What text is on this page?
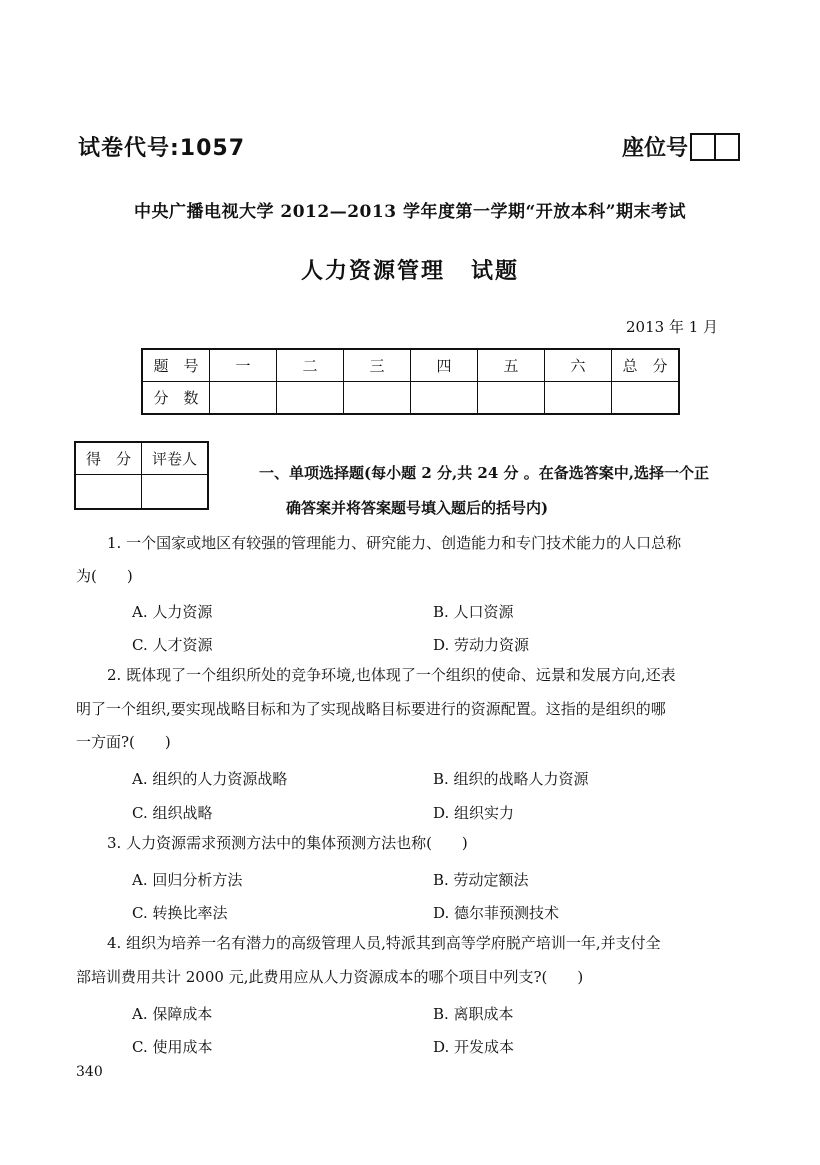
试卷代号:1057	座位号
中央广播电视大学 2012—2013 学年度第一学期“开放本科”期末考试
人力资源管理 试题
2013 年 1 月
题　号	一	二	三	四	五	六	总　分
分　数							
得　分	评卷人

一、单项选择题(每小题 2 分,共 24 分 。在备选答案中,选择一个正
确答案并将答案题号填入题后的括号内)
1. 一个国家或地区有较强的管理能力、研究能力、创造能力和专门技术能力的人口总称
为(　　)
A. 人力资源	B. 人口资源
C. 人才资源	D. 劳动力资源
2. 既体现了一个组织所处的竞争环境,也体现了一个组织的使命、远景和发展方向,还表
明了一个组织,要实现战略目标和为了实现战略目标要进行的资源配置。这指的是组织的哪
一方面?(　　)
A. 组织的人力资源战略	B. 组织的战略人力资源
C. 组织战略	D. 组织实力
3. 人力资源需求预测方法中的集体预测方法也称(　　)
A. 回归分析方法	B. 劳动定额法
C. 转换比率法	D. 德尔菲预测技术
4. 组织为培养一名有潜力的高级管理人员,特派其到高等学府脱产培训一年,并支付全
部培训费用共计 2000 元,此费用应从人力资源成本的哪个项目中列支?(　　)
A. 保障成本	B. 离职成本
C. 使用成本	D. 开发成本
340
